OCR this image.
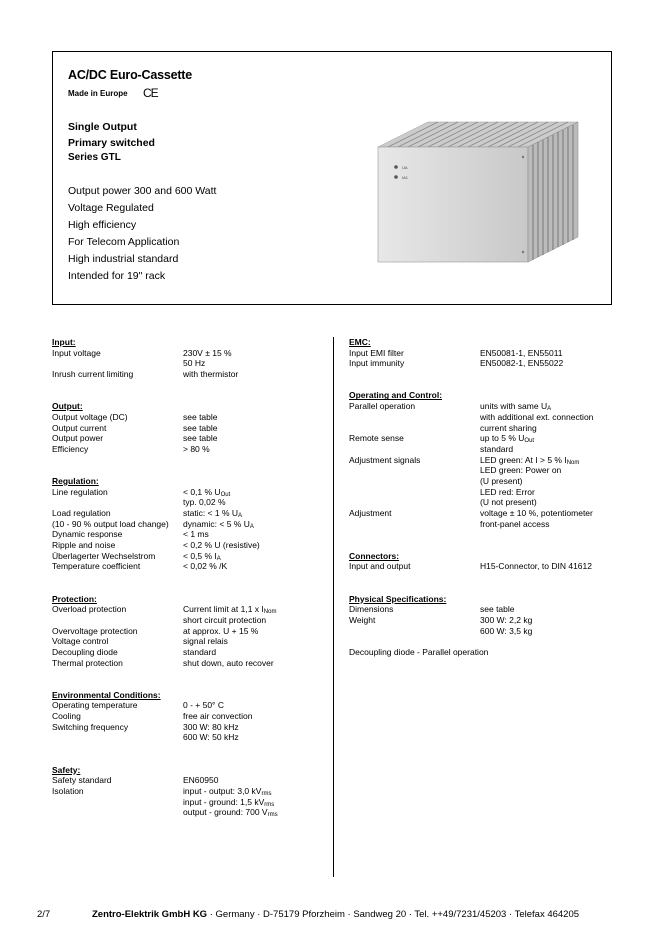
AC/DC Euro-Cassette
Made in Europe CE
Single Output
Primary switched
Series GTL
Output power 300 and 600 Watt
Voltage Regulated
High efficiency
For Telecom Application
High industrial standard
Intended for 19" rack
UA
IA1
Input:
Input voltage	230V ± 15 %
50 Hz
Inrush current limiting	with thermistor
Output:
Output voltage (DC)	see table
Output current	see table
Output power	see table
Efficiency	> 80 %
Regulation:
Line regulation	< 0,1 % $U_{Out}$
typ. 0,02 %
Load regulation	static: < 1 % $U_A$
(10 - 90 % output load change) dynamic: < 5 % $U_A$
Dynamic response	< 1 ms
Ripple and noise	< 0,2 % U (resistive)
Überlagerter Wechselstrom	< 0,5 % $I_A$
Temperature coefficient	< 0,02 % /K
Protection:
Overload protection	Current limit at 1,1 x $I_{Nom}$
short circuit protection
Overvoltage protection	at approx. U + 15 %
Voltage control	signal relais
Decoupling diode	standard
Thermal protection	shut down, auto recover
Environmental Conditions:
Operating temperature	0 - + 50° C
Cooling	free air convection
Switching frequency	300 W: 80 kHz
600 W: 50 kHz
Safety:
Safety standard	EN60950
Isolation	input - output: 3,0 $kV_{rms}$
input - ground: 1,5 $kV_{rms}$
output - ground: 700 $V_{rms}$
EMC:
Input EMI filter	EN50081-1, EN55011
Input immunity	EN50082-1, EN55022
Operating and Control:
Parallel operation	units with same $U_A$
with additional ext. connection
current sharing
Remote sense	up to 5 % $U_{Out}$
standard
Adjustment signals	LED green: At I > 5 % $I_{Nom}$
LED green: Power on
(U present)
LED red: Error
(U not present)
Adjustment	voltage ± 10 %, potentiometer
front-panel access
Connectors:
Input and output	H15-Connector, to DIN 41612
Physical Specifications:
Dimensions	see table
Weight	300 W: 2,2 kg
600 W: 3,5 kg
Decoupling diode - Parallel operation
2/7	Zentro-Elektrik GmbH KG · Germany · D-75179 Pforzheim · Sandweg 20 · Tel. ++49/7231/45203 · Telefax 464205
